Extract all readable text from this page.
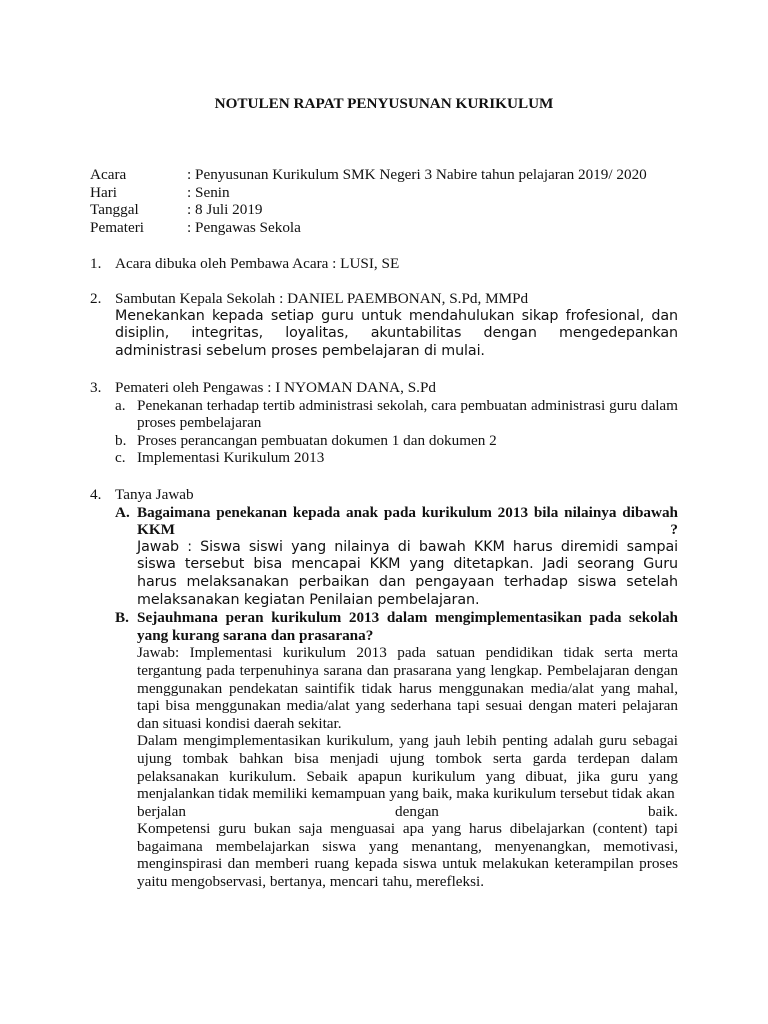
NOTULEN RAPAT PENYUSUNAN KURIKULUM
Acara	: Penyusunan Kurikulum SMK Negeri 3 Nabire tahun pelajaran 2019/ 2020
Hari	: Senin
Tanggal	: 8 Juli 2019
Pemateri	: Pengawas Sekola
1. Acara dibuka oleh Pembawa Acara : LUSI, SE
2. Sambutan Kepala Sekolah : DANIEL PAEMBONAN, S.Pd, MMPd
Menekankan kepada setiap guru untuk mendahulukan sikap frofesional, dan disiplin, integritas, loyalitas, akuntabilitas dengan mengedepankan administrasi sebelum proses pembelajaran di mulai.
3. Pemateri oleh Pengawas : I NYOMAN DANA, S.Pd
a. Penekanan terhadap tertib administrasi sekolah, cara pembuatan administrasi guru dalam proses pembelajaran
b. Proses perancangan pembuatan dokumen 1 dan dokumen 2
c. Implementasi Kurikulum 2013
4. Tanya Jawab
A. Bagaimana penekanan kepada anak pada kurikulum 2013 bila nilainya dibawah
KKM	?
Jawab : Siswa siswi yang nilainya di bawah KKM harus diremidi sampai siswa tersebut bisa mencapai KKM yang ditetapkan. Jadi seorang Guru harus melaksanakan perbaikan dan pengayaan terhadap siswa setelah melaksanakan kegiatan Penilaian pembelajaran.
B. Sejauhmana peran kurikulum 2013 dalam mengimplementasikan pada sekolah yang kurang sarana dan prasarana?
Jawab: Implementasi kurikulum 2013 pada satuan pendidikan tidak serta merta tergantung pada terpenuhinya sarana dan prasarana yang lengkap. Pembelajaran dengan menggunakan pendekatan saintifik tidak harus menggunakan media/alat yang mahal, tapi bisa menggunakan media/alat yang sederhana tapi sesuai dengan materi pelajaran dan situasi kondisi daerah sekitar.
Dalam mengimplementasikan kurikulum, yang jauh lebih penting adalah guru sebagai ujung tombak bahkan bisa menjadi ujung tombok serta garda terdepan dalam pelaksanakan kurikulum. Sebaik apapun kurikulum yang dibuat, jika guru yang menjalankan tidak memiliki kemampuan yang baik, maka kurikulum tersebut tidak akan
berjalan	dengan	baik.
Kompetensi guru bukan saja menguasai apa yang harus dibelajarkan (content) tapi bagaimana membelajarkan siswa yang menantang, menyenangkan, memotivasi, menginspirasi dan memberi ruang kepada siswa untuk melakukan keterampilan proses yaitu mengobservasi, bertanya, mencari tahu, merefleksi.
